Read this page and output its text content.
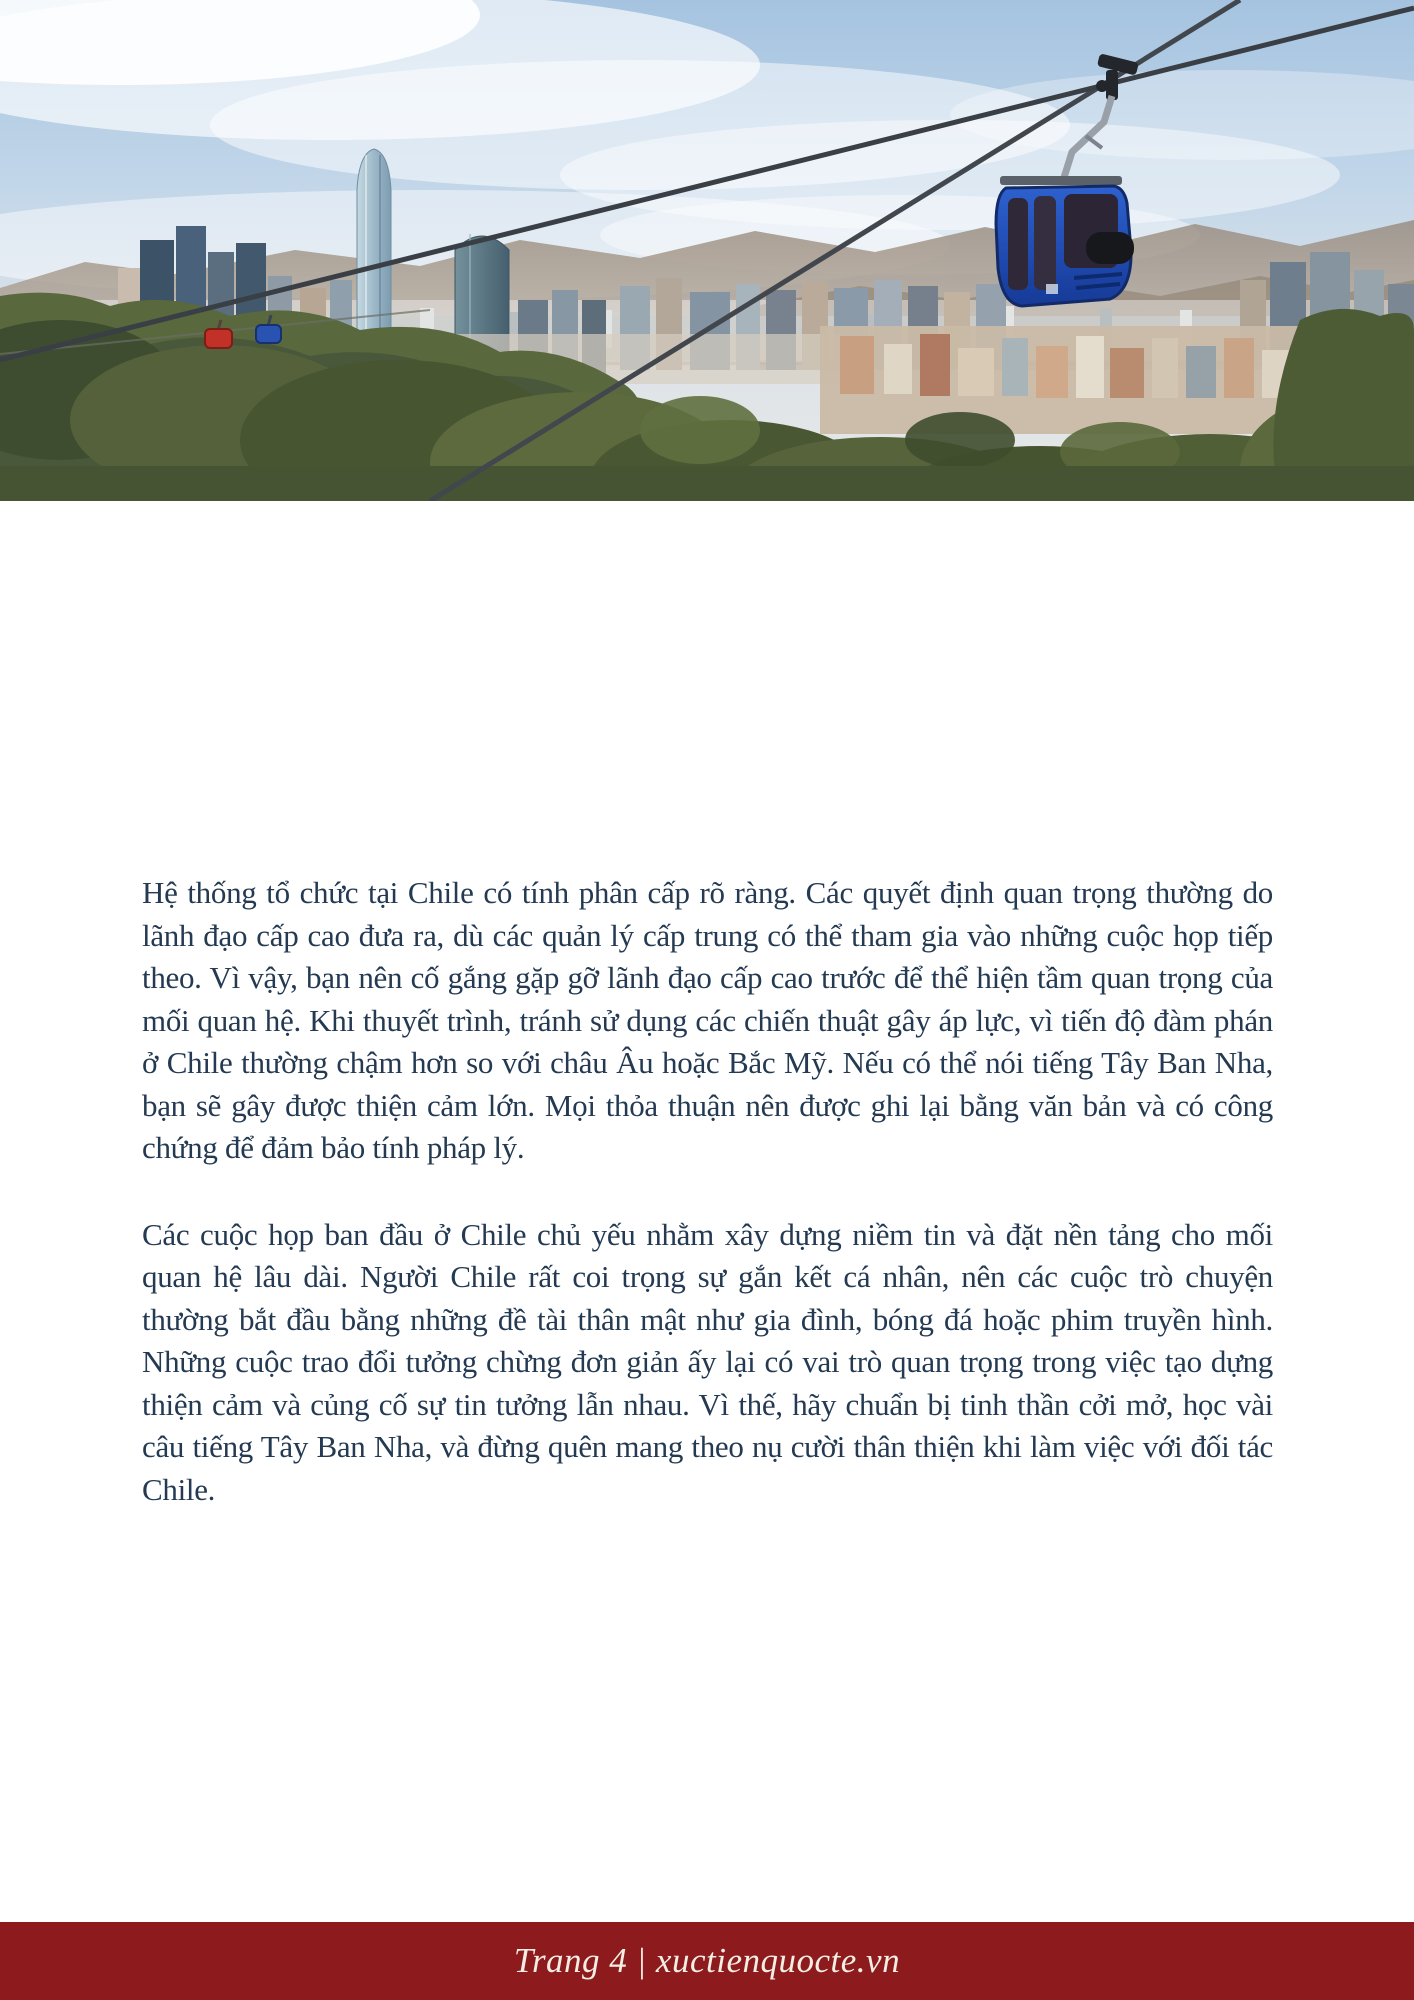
Hệ thống tổ chức tại Chile có tính phân cấp rõ ràng. Các quyết định quan trọng thường do lãnh đạo cấp cao đưa ra, dù các quản lý cấp trung có thể tham gia vào những cuộc họp tiếp theo. Vì vậy, bạn nên cố gắng gặp gỡ lãnh đạo cấp cao trước để thể hiện tầm quan trọng của mối quan hệ. Khi thuyết trình, tránh sử dụng các chiến thuật gây áp lực, vì tiến độ đàm phán ở Chile thường chậm hơn so với châu Âu hoặc Bắc Mỹ. Nếu có thể nói tiếng Tây Ban Nha, bạn sẽ gây được thiện cảm lớn. Mọi thỏa thuận nên được ghi lại bằng văn bản và có công chứng để đảm bảo tính pháp lý.

Các cuộc họp ban đầu ở Chile chủ yếu nhằm xây dựng niềm tin và đặt nền tảng cho mối quan hệ lâu dài. Người Chile rất coi trọng sự gắn kết cá nhân, nên các cuộc trò chuyện thường bắt đầu bằng những đề tài thân mật như gia đình, bóng đá hoặc phim truyền hình. Những cuộc trao đổi tưởng chừng đơn giản ấy lại có vai trò quan trọng trong việc tạo dựng thiện cảm và củng cố sự tin tưởng lẫn nhau. Vì thế, hãy chuẩn bị tinh thần cởi mở, học vài câu tiếng Tây Ban Nha, và đừng quên mang theo nụ cười thân thiện khi làm việc với đối tác Chile.

Trang 4 | xuctienquocte.vn
